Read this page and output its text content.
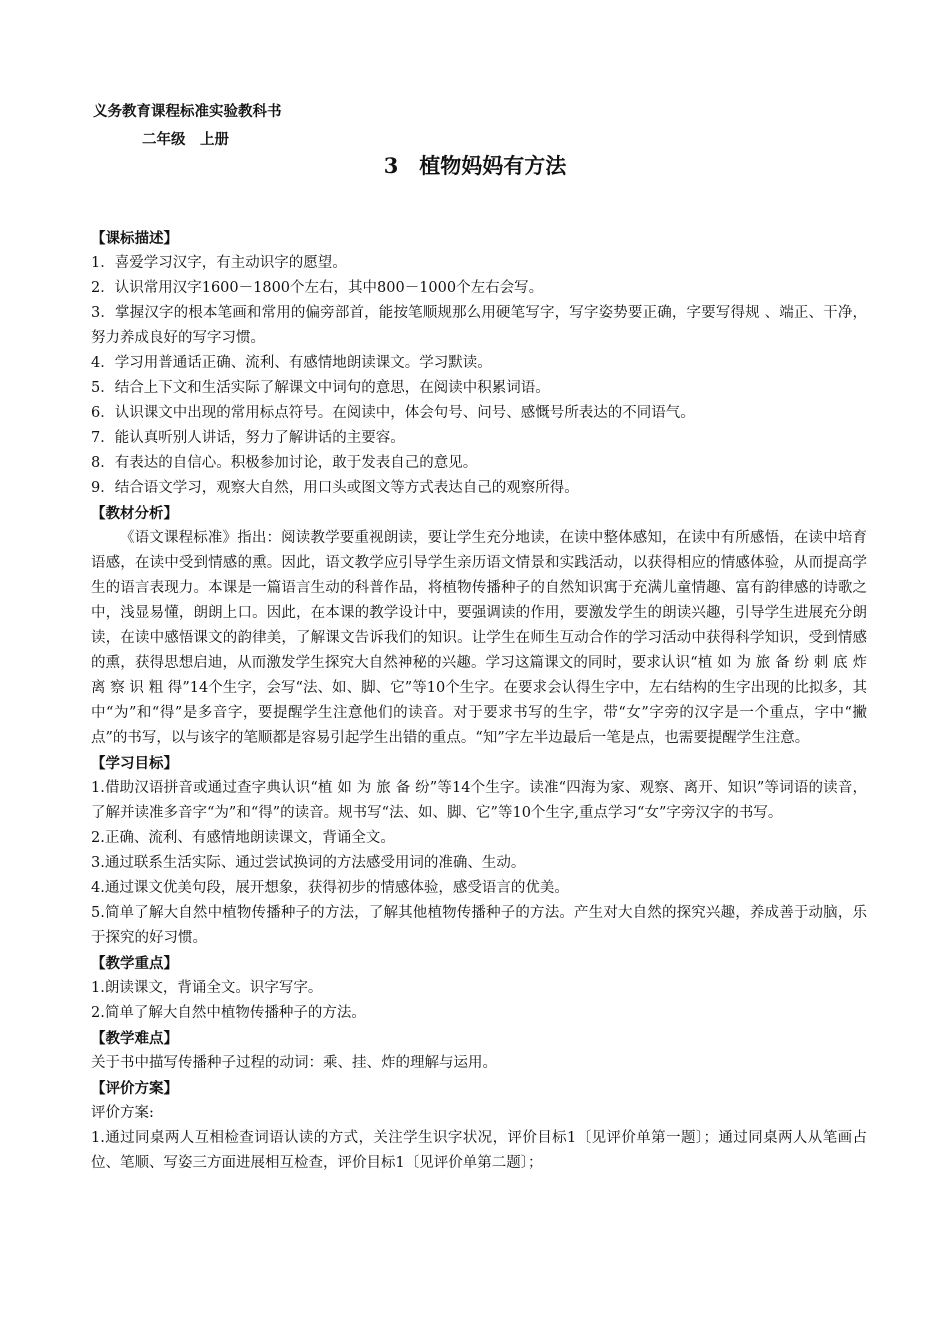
义务教育课程标准实验教科书
二年级　上册
3　植物妈妈有方法
【课标描述】
1．喜爱学习汉字，有主动识字的愿望。
2．认识常用汉字1600－1800个左右，其中800－1000个左右会写。
3．掌握汉字的根本笔画和常用的偏旁部首，能按笔顺规那么用硬笔写字，写字姿势要正确，字要写得规 、端正、干净，努力养成良好的写字习惯。
4．学习用普通话正确、流利、有感情地朗读课文。学习默读。
5．结合上下文和生活实际了解课文中词句的意思，在阅读中积累词语。
6．认识课文中出现的常用标点符号。在阅读中，体会句号、问号、感慨号所表达的不同语气。
7．能认真听别人讲话，努力了解讲话的主要容。
8．有表达的自信心。积极参加讨论，敢于发表自己的意见。
9．结合语文学习，观察大自然，用口头或图文等方式表达自己的观察所得。
【教材分析】
《语文课程标准》指出：阅读教学要重视朗读，要让学生充分地读，在读中整体感知，在读中有所感悟，在读中培育语感，在读中受到情感的熏。因此，语文教学应引导学生亲历语文情景和实践活动，以获得相应的情感体验，从而提高学生的语言表现力。本课是一篇语言生动的科普作品，将植物传播种子的自然知识寓于充满儿童情趣、富有韵律感的诗歌之中，浅显易懂，朗朗上口。因此，在本课的教学设计中，要强调读的作用，要激发学生的朗读兴趣，引导学生进展充分朗读，在读中感悟课文的韵律美，了解课文告诉我们的知识。让学生在师生互动合作的学习活动中获得科学知识，受到情感的熏，获得思想启迪，从而激发学生探究大自然神秘的兴趣。学习这篇课文的同时，要求认识“植 如 为 旅 备 纷 刺 底 炸 离 察 识 粗 得”14个生字，会写“法、如、脚、它”等10个生字。在要求会认得生字中，左右结构的生字出现的比拟多，其中“为”和“得”是多音字，要提醒学生注意他们的读音。对于要求书写的生字，带“女”字旁的汉字是一个重点，字中“撇点”的书写，以与该字的笔顺都是容易引起学生出错的重点。“知”字左半边最后一笔是点，也需要提醒学生注意。
【学习目标】
1.借助汉语拼音或通过查字典认识“植 如 为 旅 备 纷”等14个生字。读准“四海为家、观察、离开、知识”等词语的读音，了解并读准多音字“为”和“得”的读音。规书写“法、如、脚、它”等10个生字,重点学习“女”字旁汉字的书写。
2.正确、流利、有感情地朗读课文，背诵全文。
3.通过联系生活实际、通过尝试换词的方法感受用词的准确、生动。
4.通过课文优美句段，展开想象，获得初步的情感体验，感受语言的优美。
5.简单了解大自然中植物传播种子的方法，了解其他植物传播种子的方法。产生对大自然的探究兴趣，养成善于动脑，乐于探究的好习惯。
【教学重点】
1.朗读课文，背诵全文。识字写字。
2.简单了解大自然中植物传播种子的方法。
【教学难点】
关于书中描写传播种子过程的动词：乘、挂、炸的理解与运用。
【评价方案】
评价方案:
1.通过同桌两人互相检查词语认读的方式，关注学生识字状况，评价目标1〔见评价单第一题〕；通过同桌两人从笔画占位、笔顺、写姿三方面进展相互检查，评价目标1〔见评价单第二题〕；
